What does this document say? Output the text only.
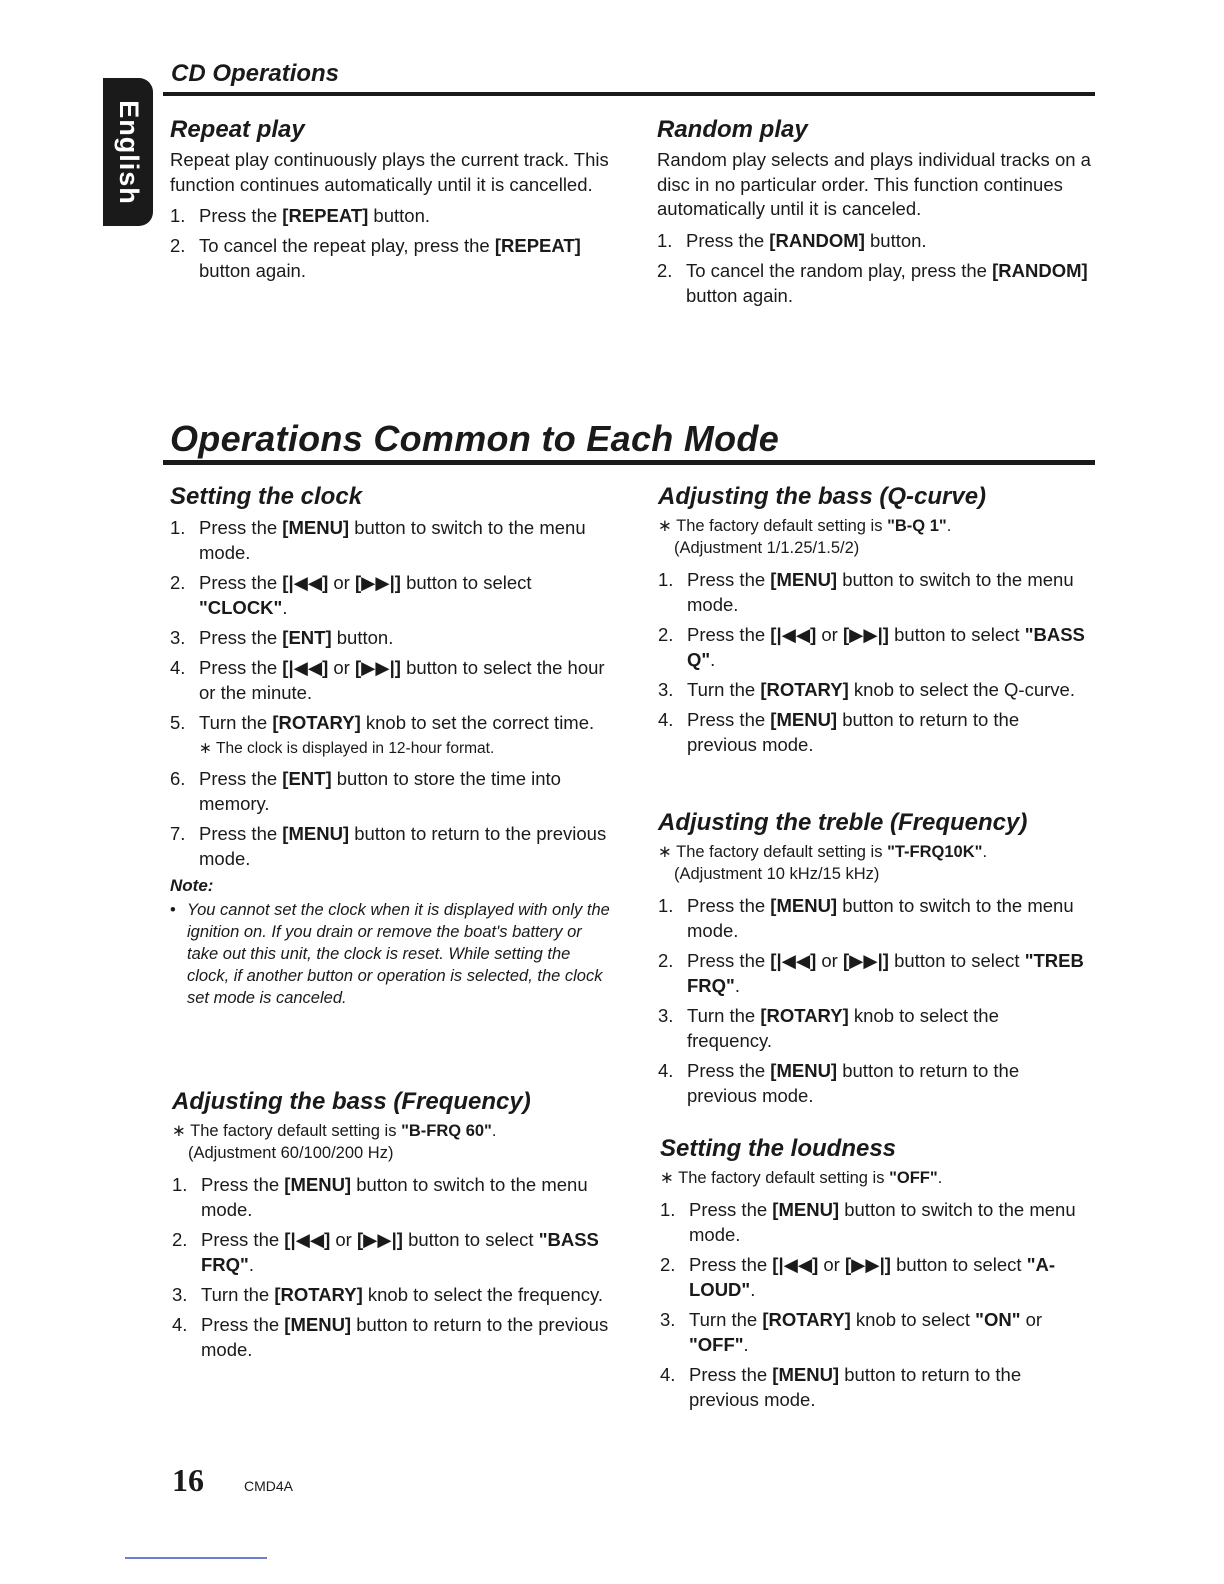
English
CD Operations
Repeat play

Repeat play continuously plays the current track. This function continues automatically until it is cancelled.

1. Press the [REPEAT] button.
2. To cancel the repeat play, press the [REPEAT] button again.
Random play

Random play selects and plays individual tracks on a disc in no particular order. This function continues automatically until it is canceled.

1. Press the [RANDOM] button.
2. To cancel the random play, press the [RANDOM] button again.
Operations Common to Each Mode
Setting the clock
1. Press the [MENU] button to switch to the menu mode.
2. Press the [|◀◀] or [▶▶|] button to select "CLOCK".
3. Press the [ENT] button.
4. Press the [|◀◀] or [▶▶|] button to select the hour or the minute.
5. Turn the [ROTARY] knob to set the correct time.
∗ The clock is displayed in 12-hour format.
6. Press the [ENT] button to store the time into memory.
7. Press the [MENU] button to return to the previous mode.
Note:

• You cannot set the clock when it is displayed with only the ignition on. If you drain or remove the boat's battery or take out this unit, the clock is reset. While setting the clock, if another button or operation is selected, the clock set mode is canceled.

Adjusting the bass (Frequency)

∗ The factory default setting is "B-FRQ 60".
(Adjustment 60/100/200 Hz)

1. Press the [MENU] button to switch to the menu mode.
2. Press the [|◀◀] or [▶▶|] button to select "BASS FRQ".
3. Turn the [ROTARY] knob to select the frequency.
4. Press the [MENU] button to return to the previous mode.
Adjusting the bass (Q-curve)

∗ The factory default setting is "B-Q 1".
(Adjustment 1/1.25/1.5/2)

1. Press the [MENU] button to switch to the menu mode.
2. Press the [|◀◀] or [▶▶|] button to select "BASS Q".
3. Turn the [ROTARY] knob to select the Q-curve.
4. Press the [MENU] button to return to the previous mode.
Adjusting the treble (Frequency)

∗ The factory default setting is "T-FRQ10K".
(Adjustment 10 kHz/15 kHz)

1. Press the [MENU] button to switch to the menu mode.
2. Press the [|◀◀] or [▶▶|] button to select "TREB FRQ".
3. Turn the [ROTARY] knob to select the frequency.
4. Press the [MENU] button to return to the previous mode.
Setting the loudness

∗ The factory default setting is "OFF".

1. Press the [MENU] button to switch to the menu mode.
2. Press the [|◀◀] or [▶▶|] button to select "A-LOUD".
3. Turn the [ROTARY] knob to select "ON" or "OFF".
4. Press the [MENU] button to return to the previous mode.
16	CMD4A
